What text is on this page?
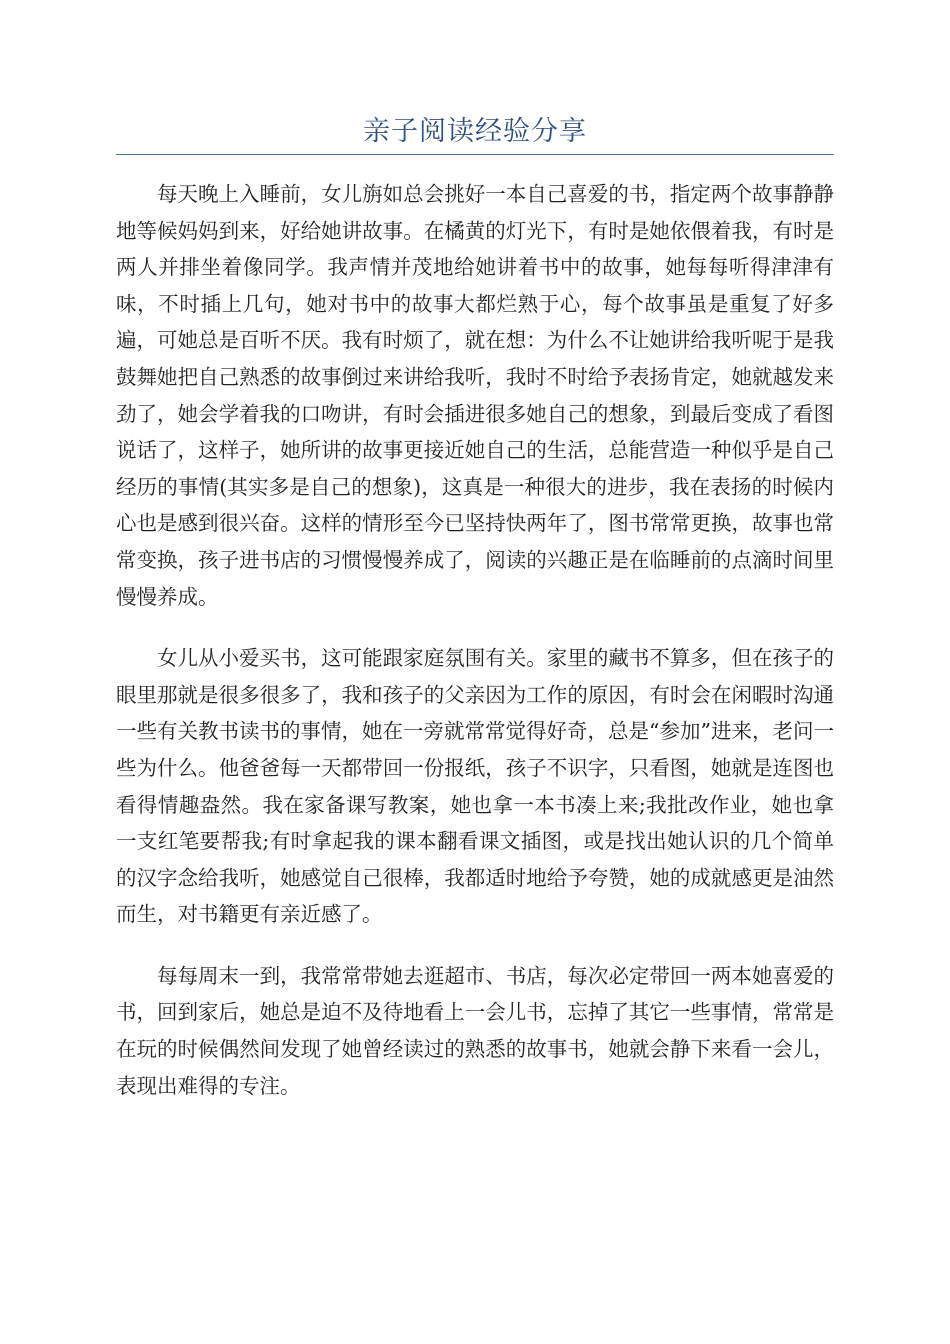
亲子阅读经验分享

每天晚上入睡前，女儿旃如总会挑好一本自己喜爱的书，指定两个故事静静地等候妈妈到来，好给她讲故事。在橘黄的灯光下，有时是她依偎着我，有时是两人并排坐着像同学。我声情并茂地给她讲着书中的故事，她每每听得津津有味，不时插上几句，她对书中的故事大都烂熟于心，每个故事虽是重复了好多遍，可她总是百听不厌。我有时烦了，就在想：为什么不让她讲给我听呢于是我鼓舞她把自己熟悉的故事倒过来讲给我听，我时不时给予表扬肯定，她就越发来劲了，她会学着我的口吻讲，有时会插进很多她自己的想象，到最后变成了看图说话了，这样子，她所讲的故事更接近她自己的生活，总能营造一种似乎是自己经历的事情(其实多是自己的想象)，这真是一种很大的进步，我在表扬的时候内心也是感到很兴奋。这样的情形至今已坚持快两年了，图书常常更换，故事也常常变换，孩子进书店的习惯慢慢养成了，阅读的兴趣正是在临睡前的点滴时间里慢慢养成。

女儿从小爱买书，这可能跟家庭氛围有关。家里的藏书不算多，但在孩子的眼里那就是很多很多了，我和孩子的父亲因为工作的原因，有时会在闲暇时沟通一些有关教书读书的事情，她在一旁就常常觉得好奇，总是“参加”进来，老问一些为什么。他爸爸每一天都带回一份报纸，孩子不识字，只看图，她就是连图也看得情趣盎然。我在家备课写教案，她也拿一本书凑上来;我批改作业，她也拿一支红笔要帮我;有时拿起我的课本翻看课文插图，或是找出她认识的几个简单的汉字念给我听，她感觉自己很棒，我都适时地给予夸赞，她的成就感更是油然而生，对书籍更有亲近感了。

每每周末一到，我常常带她去逛超市、书店，每次必定带回一两本她喜爱的书，回到家后，她总是迫不及待地看上一会儿书，忘掉了其它一些事情，常常是在玩的时候偶然间发现了她曾经读过的熟悉的故事书，她就会静下来看一会儿，表现出难得的专注。
